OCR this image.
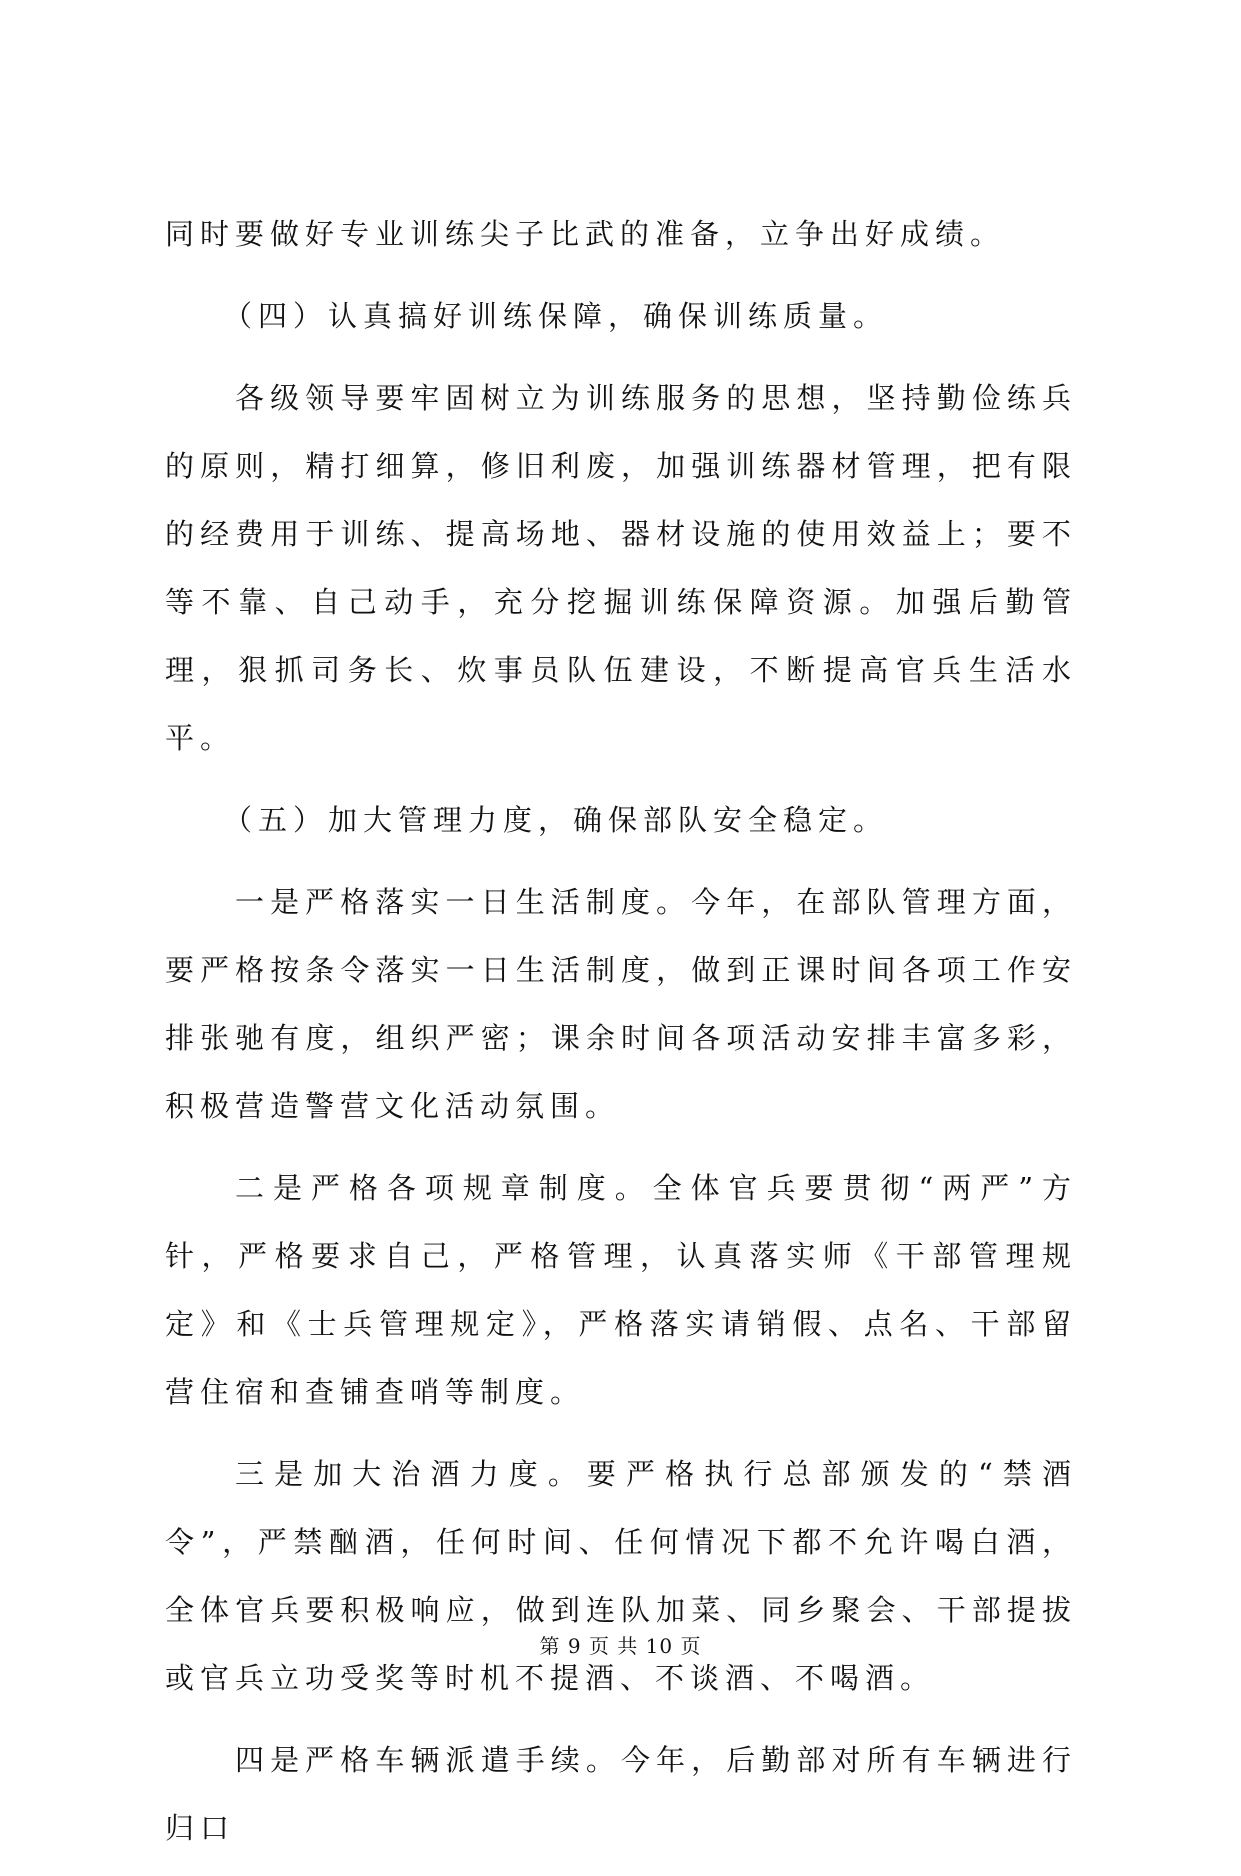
同时要做好专业训练尖子比武的准备，立争出好成绩。

（四）认真搞好训练保障，确保训练质量。

各级领导要牢固树立为训练服务的思想，坚持勤俭练兵的原则，精打细算，修旧利废，加强训练器材管理，把有限的经费用于训练、提高场地、器材设施的使用效益上；要不等不靠、自己动手，充分挖掘训练保障资源。加强后勤管理，狠抓司务长、炊事员队伍建设，不断提高官兵生活水平。

（五）加大管理力度，确保部队安全稳定。

一是严格落实一日生活制度。今年，在部队管理方面，要严格按条令落实一日生活制度，做到正课时间各项工作安排张驰有度，组织严密；课余时间各项活动安排丰富多彩，积极营造警营文化活动氛围。

二是严格各项规章制度。全体官兵要贯彻“两严”方针，严格要求自己，严格管理，认真落实师《干部管理规定》和《士兵管理规定》，严格落实请销假、点名、干部留营住宿和查铺查哨等制度。

三是加大治酒力度。要严格执行总部颁发的“禁酒令”，严禁酗酒，任何时间、任何情况下都不允许喝白酒，全体官兵要积极响应，做到连队加菜、同乡聚会、干部提拔或官兵立功受奖等时机不提酒、不谈酒、不喝酒。

四是严格车辆派遣手续。今年，后勤部对所有车辆进行归口

第 9 页 共 10 页
